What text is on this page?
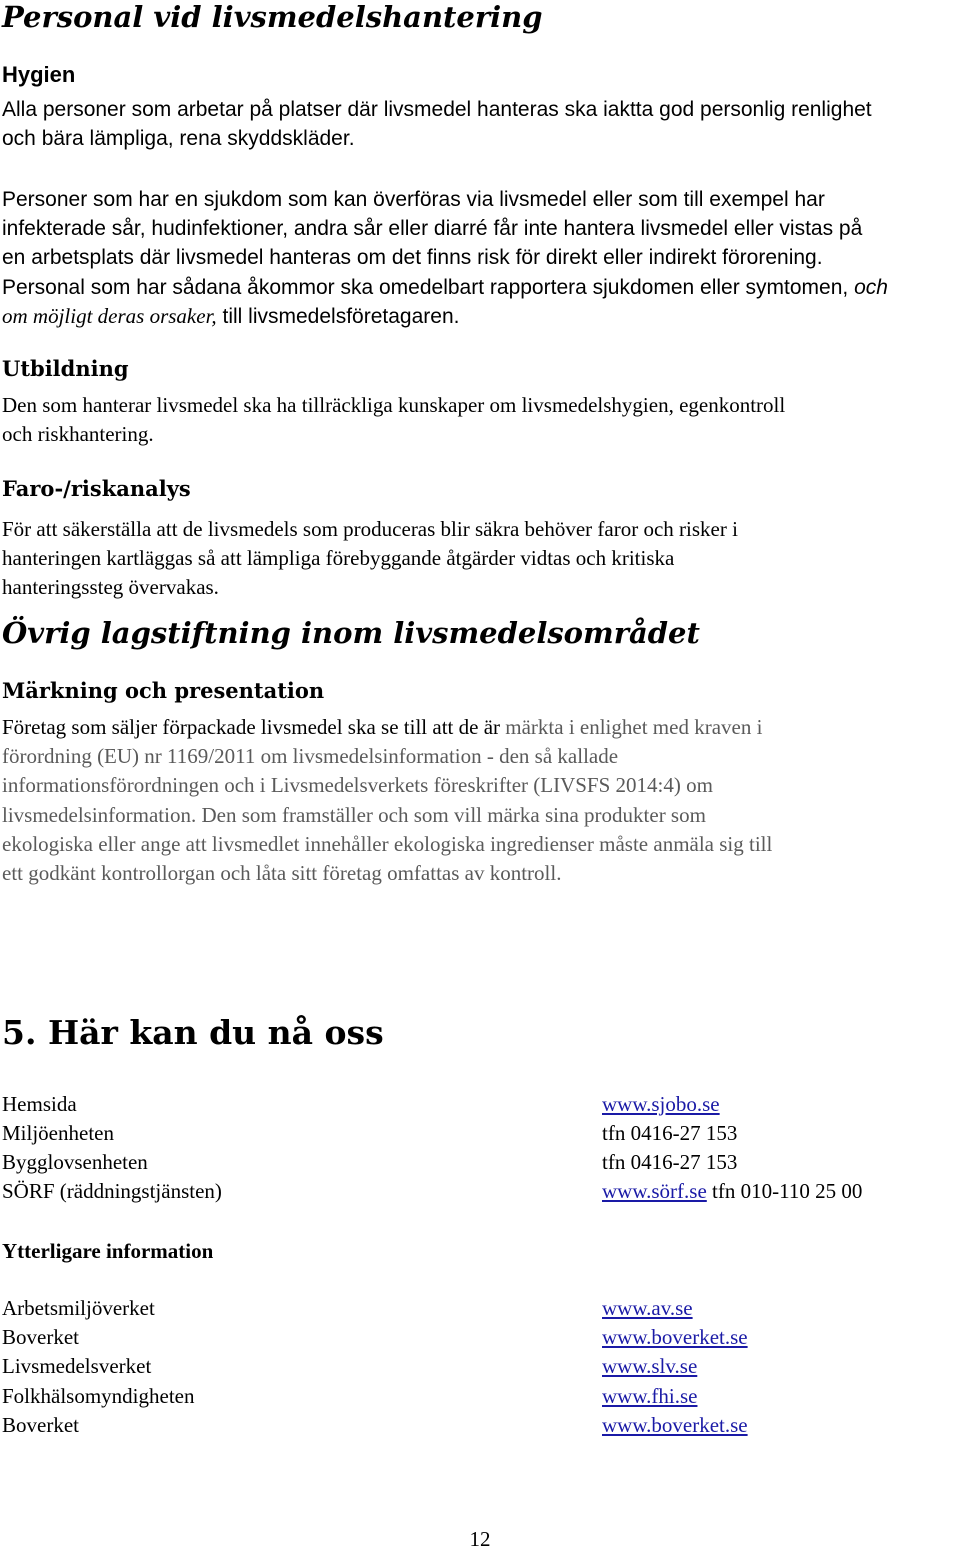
Personal vid livsmedelshantering
Hygien
Alla personer som arbetar på platser där livsmedel hanteras ska iaktta god personlig renlighet
och bära lämpliga, rena skyddskläder.
Personer som har en sjukdom som kan överföras via livsmedel eller som till exempel har
infekterade sår, hudinfektioner, andra sår eller diarré får inte hantera livsmedel eller vistas på
en arbetsplats där livsmedel hanteras om det finns risk för direkt eller indirekt förorening.
Personal som har sådana åkommor ska omedelbart rapportera sjukdomen eller symtomen, och
om möjligt deras orsaker, till livsmedelsföretagaren.
Utbildning
Den som hanterar livsmedel ska ha tillräckliga kunskaper om livsmedelshygien, egenkontroll
och riskhantering.
Faro-/riskanalys
För att säkerställa att de livsmedels som produceras blir säkra behöver faror och risker i
hanteringen kartläggas så att lämpliga förebyggande åtgärder vidtas och kritiska
hanteringssteg övervakas.
Övrig lagstiftning inom livsmedelsområdet
Märkning och presentation
Företag som säljer förpackade livsmedel ska se till att de är märkta i enlighet med kraven i
förordning (EU) nr 1169/2011 om livsmedelsinformation - den så kallade
informationsförordningen och i Livsmedelsverkets föreskrifter (LIVSFS 2014:4) om
livsmedelsinformation. Den som framställer och som vill märka sina produkter som
ekologiska eller ange att livsmedlet innehåller ekologiska ingredienser måste anmäla sig till
ett godkänt kontrollorgan och låta sitt företag omfattas av kontroll.
5. Här kan du nå oss
Hemsida	www.sjobo.se
Miljöenheten	tfn 0416-27 153
Bygglovsenheten	tfn 0416-27 153
SÖRF (räddningstjänsten)	www.sörf.se tfn 010-110 25 00
Ytterligare information
Arbetsmiljöverket	www.av.se
Boverket	www.boverket.se
Livsmedelsverket	www.slv.se
Folkhälsomyndigheten	www.fhi.se
Boverket	www.boverket.se
12
